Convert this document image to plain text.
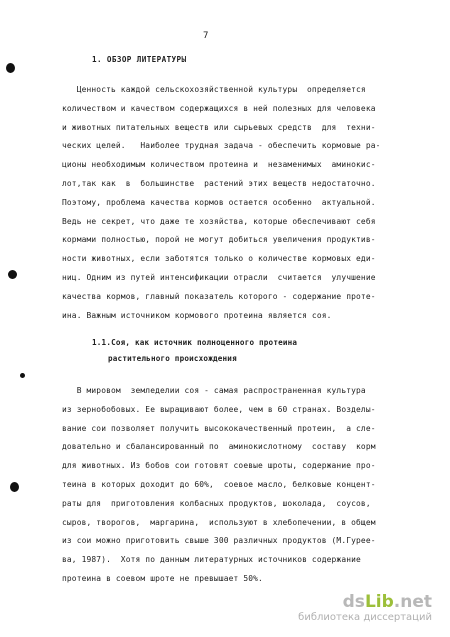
7
1. ОБЗОР ЛИТЕРАТУРЫ
Ценность каждой сельскохозяйственной культуры  определяется
количеством и качеством содержащихся в ней полезных для человека
и животных питательных веществ или сырьевых средств  для  техни-
ческих целей.   Наиболее трудная задача - обеспечить кормовые ра-
ционы необходимым количеством протеина и  незаменимых  аминокис-
лот,так как  в  большинстве  растений этих веществ недостаточно.
Поэтому, проблема качества кормов остается особенно  актуальной.
Ведь не секрет, что даже те хозяйства, которые обеспечивают себя
кормами полностью, порой не могут добиться увеличения продуктив-
ности животных, если заботятся только о количестве кормовых еди-
ниц. Одним из путей интенсификации отрасли  считается  улучшение
качества кормов, главный показатель которого - содержание проте-
ина. Важным источником кормового протеина является соя.
1.1.Соя, как источник полноценного протеина
растительного происхождения
В мировом  земледелии соя - самая распространенная культура
из зернобобовых. Ее выращивают более, чем в 60 странах. Возделы-
вание сои позволяет получить высококачественный протеин,  а сле-
довательно и сбалансированный по  аминокислотному  составу  корм
для животных. Из бобов сои готовят соевые шроты, содержание про-
теина в которых доходит до 60%,  соевое масло, белковые концент-
раты для  приготовления колбасных продуктов, шоколада,  соусов,
сыров, творогов,  маргарина,  используют в хлебопечении, в общем
из сои можно приготовить свыше 300 различных продуктов (М.Гурее-
ва, 1987).  Хотя по данным литературных источников содержание
протеина в соевом шроте не превышает 50%.
dsLib.net
библиотека диссертаций
